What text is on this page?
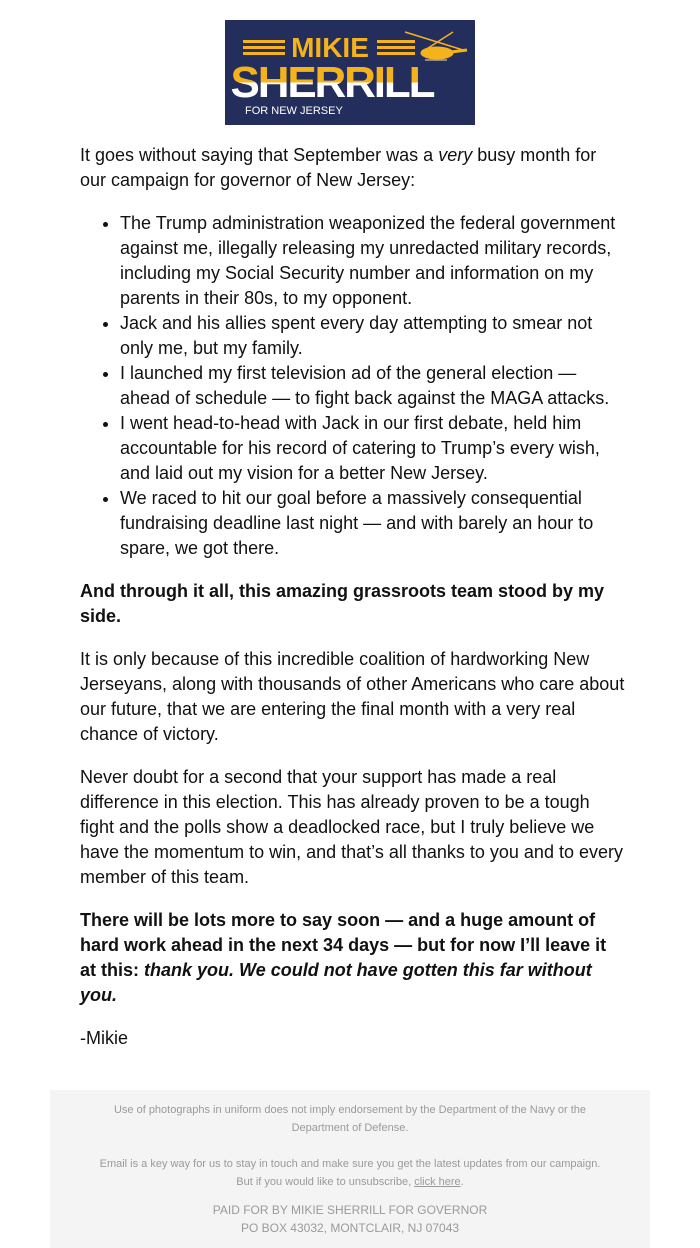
MIKIE
SHERRILL
FOR NEW JERSEY

It goes without saying that September was a very busy month for our campaign for governor of New Jersey:

• The Trump administration weaponized the federal government against me, illegally releasing my unredacted military records, including my Social Security number and information on my parents in their 80s, to my opponent.
• Jack and his allies spent every day attempting to smear not only me, but my family.
• I launched my first television ad of the general election — ahead of schedule — to fight back against the MAGA attacks.
• I went head-to-head with Jack in our first debate, held him accountable for his record of catering to Trump’s every wish, and laid out my vision for a better New Jersey.
• We raced to hit our goal before a massively consequential fundraising deadline last night — and with barely an hour to spare, we got there.

And through it all, this amazing grassroots team stood by my side.

It is only because of this incredible coalition of hardworking New Jerseyans, along with thousands of other Americans who care about our future, that we are entering the final month with a very real chance of victory.

Never doubt for a second that your support has made a real difference in this election. This has already proven to be a tough fight and the polls show a deadlocked race, but I truly believe we have the momentum to win, and that’s all thanks to you and to every member of this team.

There will be lots more to say soon — and a huge amount of hard work ahead in the next 34 days — but for now I’ll leave it at this: thank you. We could not have gotten this far without you.

-Mikie

Use of photographs in uniform does not imply endorsement by the Department of the Navy or the Department of Defense.
Email is a key way for us to stay in touch and make sure you get the latest updates from our campaign.
But if you would like to unsubscribe, click here.
PAID FOR BY MIKIE SHERRILL FOR GOVERNOR
PO BOX 43032, MONTCLAIR, NJ 07043
